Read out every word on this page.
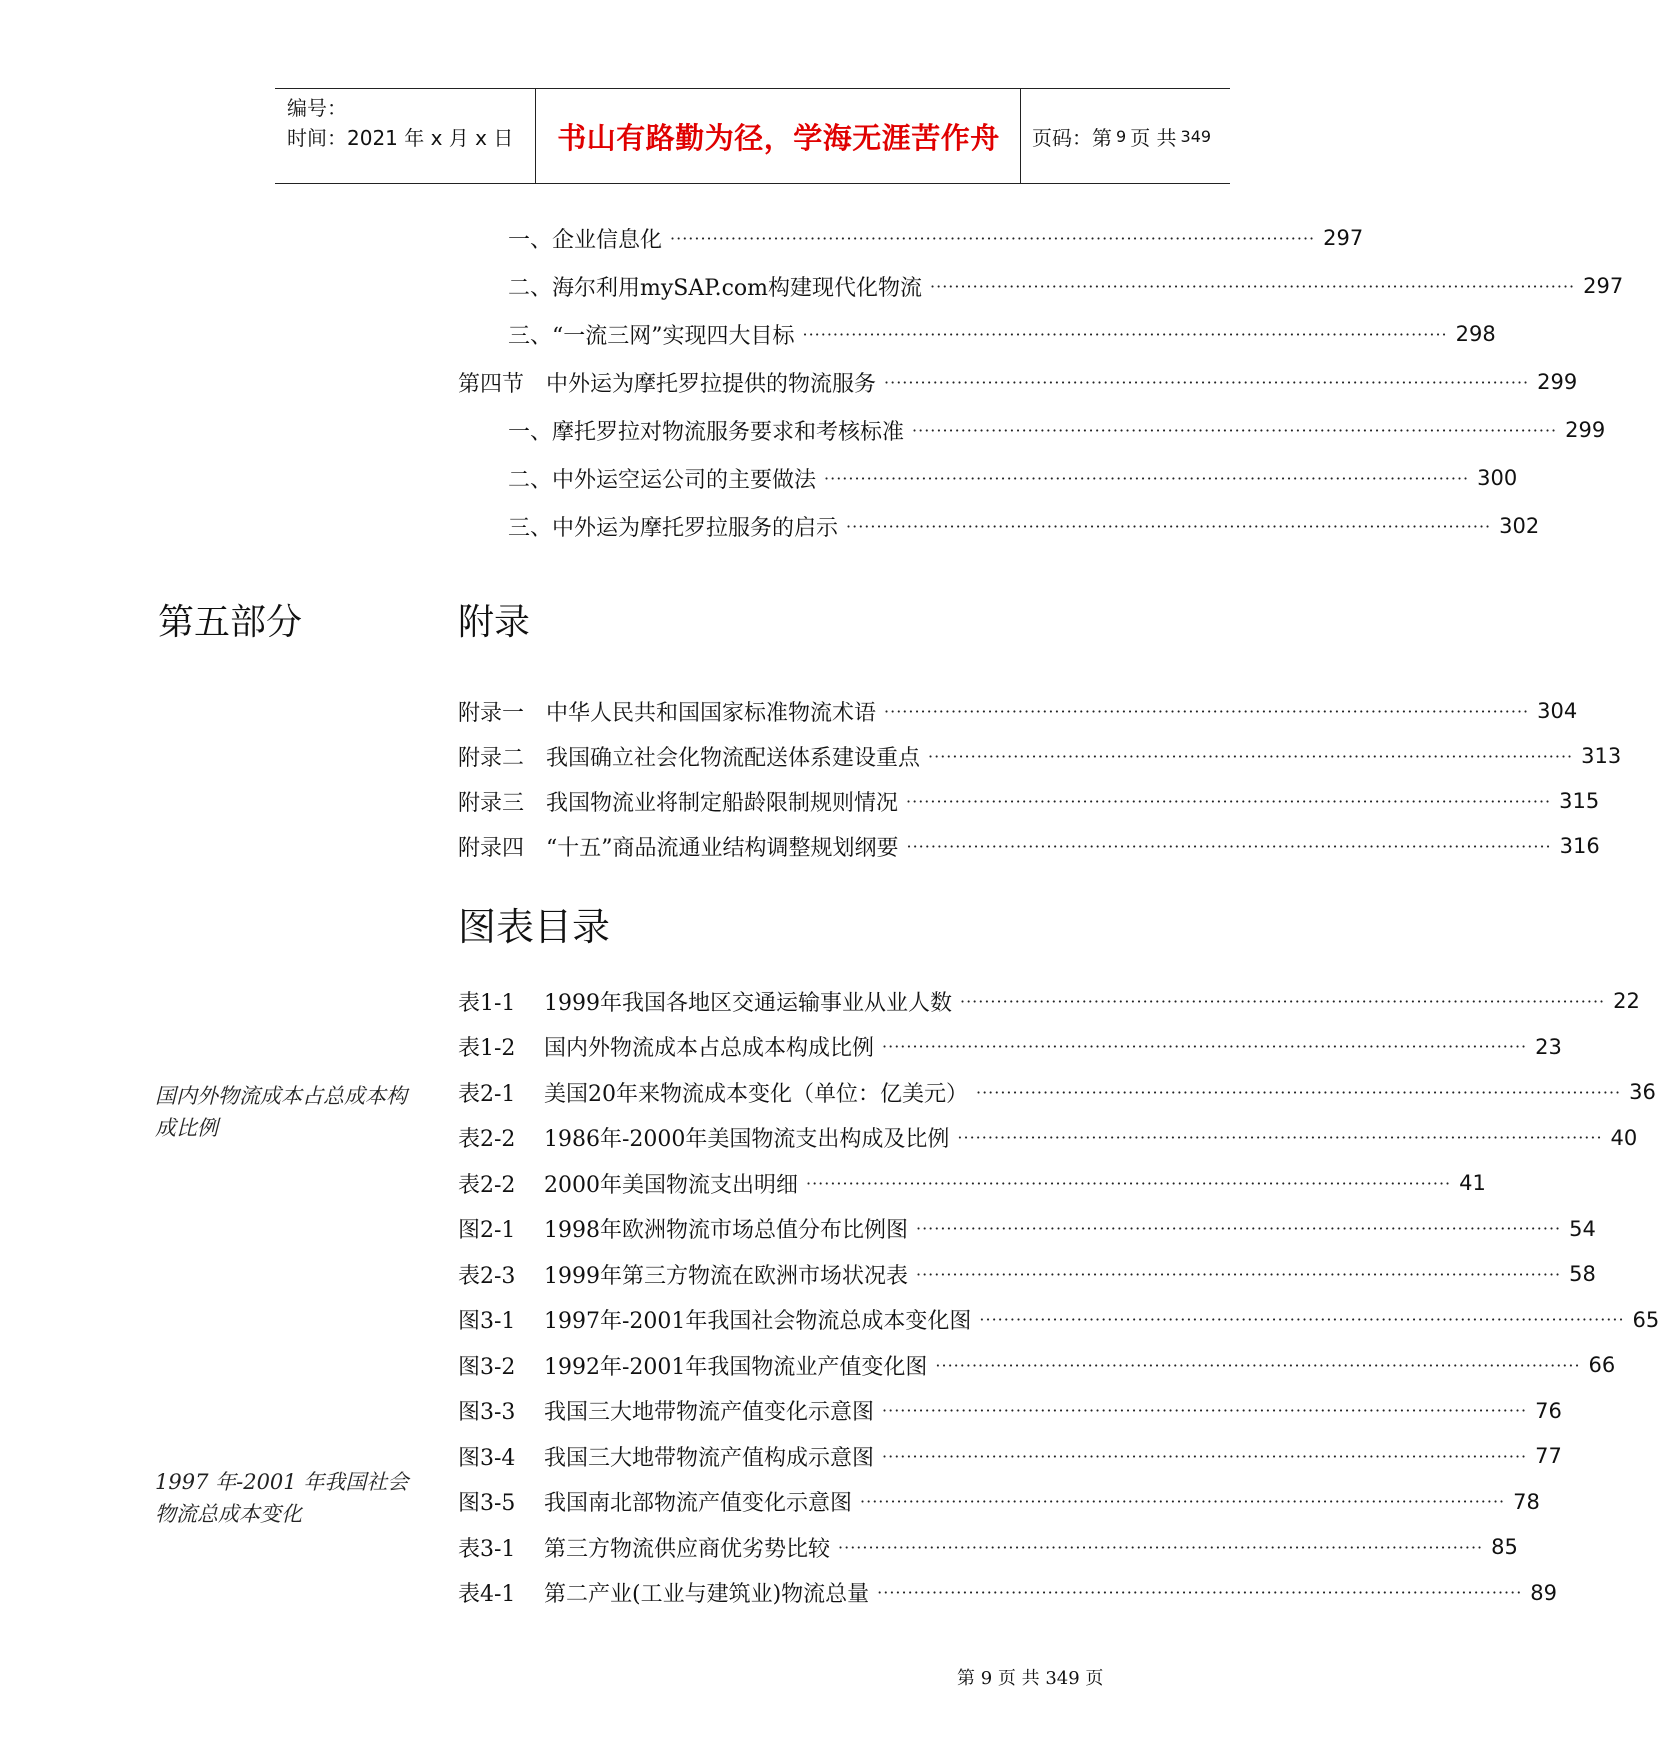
编号：
时间：2021 年 x 月 x 日	书山有路勤为径，学海无涯苦作舟	页码：第 9 页 共 349
一、企业信息化 ·········································································································· 297
二、海尔利用mySAP.com构建现代化物流 ·········································································································· 297
三、“一流三网”实现四大目标 ·········································································································· 298
第四节　中外运为摩托罗拉提供的物流服务 ·········································································································· 299
一、摩托罗拉对物流服务要求和考核标准 ·········································································································· 299
二、中外运空运公司的主要做法 ·········································································································· 300
三、中外运为摩托罗拉服务的启示 ·········································································································· 302
第五部分	附录
附录一　中华人民共和国国家标准物流术语 ·········································································································· 304
附录二　我国确立社会化物流配送体系建设重点 ·········································································································· 313
附录三　我国物流业将制定船龄限制规则情况 ·········································································································· 315
附录四　“十五”商品流通业结构调整规划纲要 ·········································································································· 316
图表目录
国内外物流成本占总成本构成比例
1997 年-2001 年我国社会物流总成本变化
表1-1	1999年我国各地区交通运输事业从业人数 ·········································································································· 22
表1-2	国内外物流成本占总成本构成比例 ·········································································································· 23
表2-1	美国20年来物流成本变化（单位：亿美元） ·········································································································· 36
表2-2	1986年-2000年美国物流支出构成及比例 ·········································································································· 40
表2-2	2000年美国物流支出明细 ·········································································································· 41
图2-1	1998年欧洲物流市场总值分布比例图 ·········································································································· 54
表2-3	1999年第三方物流在欧洲市场状况表 ·········································································································· 58
图3-1	1997年-2001年我国社会物流总成本变化图 ·········································································································· 65
图3-2	1992年-2001年我国物流业产值变化图 ·········································································································· 66
图3-3	我国三大地带物流产值变化示意图 ·········································································································· 76
图3-4	我国三大地带物流产值构成示意图 ·········································································································· 77
图3-5	我国南北部物流产值变化示意图 ·········································································································· 78
表3-1	第三方物流供应商优劣势比较 ·········································································································· 85
表4-1	第二产业(工业与建筑业)物流总量 ·········································································································· 89
第 9 页 共 349 页
